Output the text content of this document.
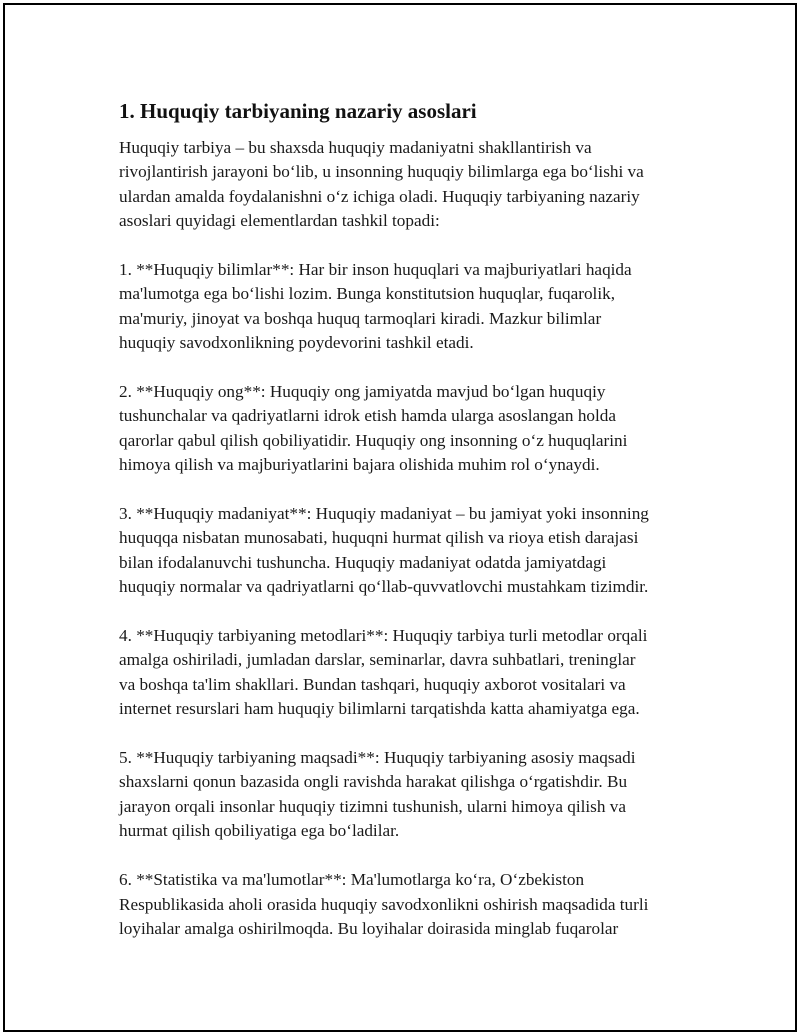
1. Huquqiy tarbiyaning nazariy asoslari

Huquqiy tarbiya – bu shaxsda huquqiy madaniyatni shakllantirish va
rivojlantirish jarayoni bo‘lib, u insonning huquqiy bilimlarga ega bo‘lishi va
ulardan amalda foydalanishni o‘z ichiga oladi. Huquqiy tarbiyaning nazariy
asoslari quyidagi elementlardan tashkil topadi:

1. **Huquqiy bilimlar**: Har bir inson huquqlari va majburiyatlari haqida
ma'lumotga ega bo‘lishi lozim. Bunga konstitutsion huquqlar, fuqarolik,
ma'muriy, jinoyat va boshqa huquq tarmoqlari kiradi. Mazkur bilimlar
huquqiy savodxonlikning poydevorini tashkil etadi.

2. **Huquqiy ong**: Huquqiy ong jamiyatda mavjud bo‘lgan huquqiy
tushunchalar va qadriyatlarni idrok etish hamda ularga asoslangan holda
qarorlar qabul qilish qobiliyatidir. Huquqiy ong insonning o‘z huquqlarini
himoya qilish va majburiyatlarini bajara olishida muhim rol o‘ynaydi.

3. **Huquqiy madaniyat**: Huquqiy madaniyat – bu jamiyat yoki insonning
huquqqa nisbatan munosabati, huquqni hurmat qilish va rioya etish darajasi
bilan ifodalanuvchi tushuncha. Huquqiy madaniyat odatda jamiyatdagi
huquqiy normalar va qadriyatlarni qo‘llab-quvvatlovchi mustahkam tizimdir.

4. **Huquqiy tarbiyaning metodlari**: Huquqiy tarbiya turli metodlar orqali
amalga oshiriladi, jumladan darslar, seminarlar, davra suhbatlari, treninglar
va boshqa ta'lim shakllari. Bundan tashqari, huquqiy axborot vositalari va
internet resurslari ham huquqiy bilimlarni tarqatishda katta ahamiyatga ega.

5. **Huquqiy tarbiyaning maqsadi**: Huquqiy tarbiyaning asosiy maqsadi
shaxslarni qonun bazasida ongli ravishda harakat qilishga o‘rgatishdir. Bu
jarayon orqali insonlar huquqiy tizimni tushunish, ularni himoya qilish va
hurmat qilish qobiliyatiga ega bo‘ladilar.

6. **Statistika va ma'lumotlar**: Ma'lumotlarga ko‘ra, O‘zbekiston
Respublikasida aholi orasida huquqiy savodxonlikni oshirish maqsadida turli
loyihalar amalga oshirilmoqda. Bu loyihalar doirasida minglab fuqarolar
